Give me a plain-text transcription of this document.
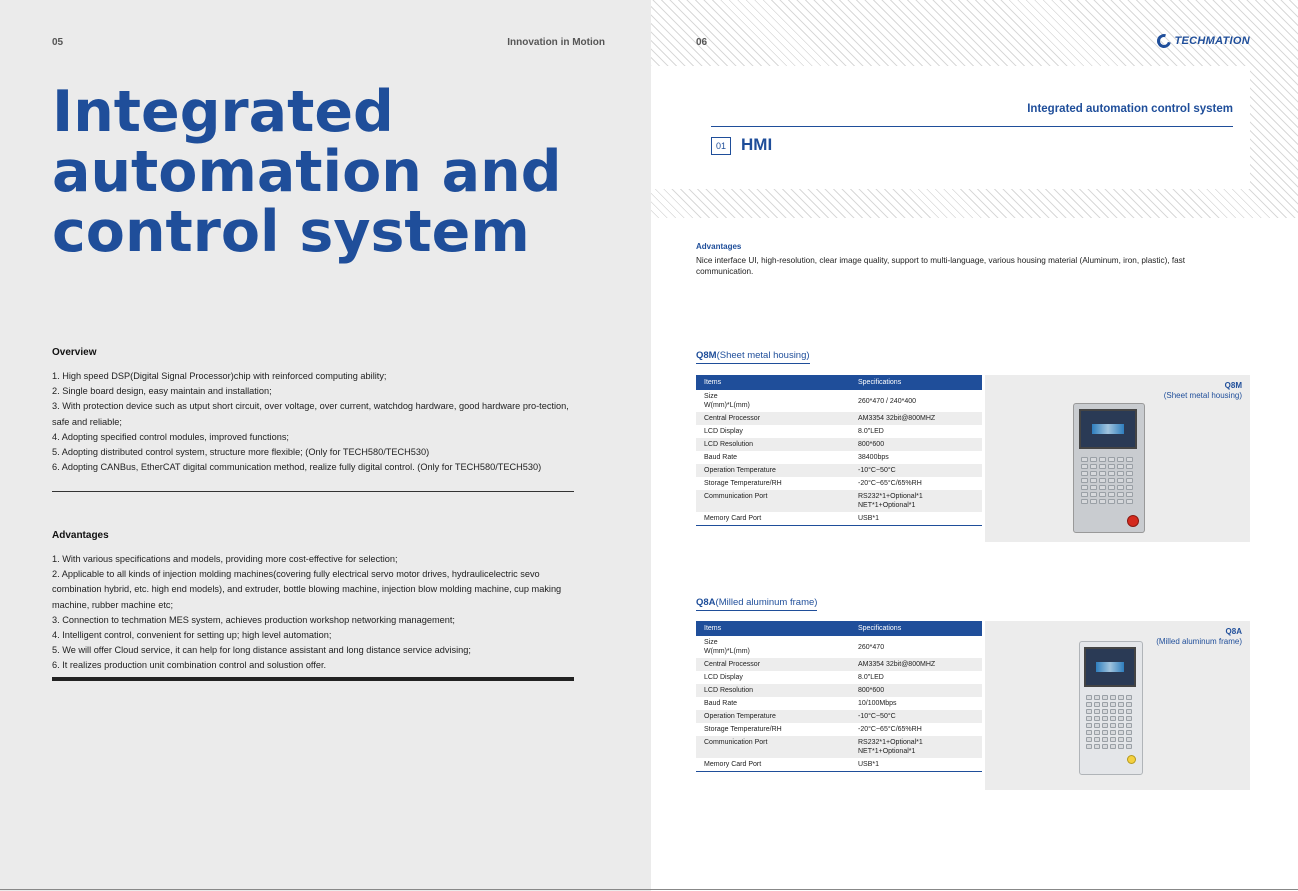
05	Innovation in Motion
Integrated
automation and
control system
Overview
1. High speed DSP(Digital Signal Processor)chip with reinforced computing ability;
2. Single board design, easy maintain and installation;
3. With protection device such as utput short circuit, over voltage, over current, watchdog hardware, good hardware pro-tection, safe and reliable;
4. Adopting specified control modules, improved functions;
5. Adopting distributed control system, structure more flexible; (Only for TECH580/TECH530)
6. Adopting CANBus, EtherCAT digital communication method, realize fully digital control. (Only for TECH580/TECH530)
Advantages
1. With various specifications and models, providing more cost-effective for selection;
2. Applicable to all kinds of injection molding machines(covering fully electrical servo motor drives, hydraulicelectric sevo combination hybrid, etc. high end models), and extruder, bottle blowing machine, injection blow molding machine, cup making machine, rubber machine etc;
3. Connection to techmation MES system, achieves production workshop networking management;
4. Intelligent control, convenient for setting up; high level automation;
5. We will offer Cloud service, it can help for long distance assistant and long distance service advising;
6. It realizes production unit combination control and solustion offer.
06	TECHMATION
Integrated automation control system
01 HMI
Advantages
Nice interface UI, high-resolution, clear image quality, support to multi-language, various housing material (Aluminum, iron, plastic), fast communication.
Q8M(Sheet metal housing)
Items	Specifications
Size
W(mm)*L(mm)	260*470 / 240*400
Central Processor	AM3354 32bit@800MHZ
LCD Display	8.0"LED
LCD Resolution	800*600
Baud Rate	38400bps
Operation Temperature	-10°C~50°C
Storage Temperature/RH	-20°C~65°C/65%RH
Communication Port	RS232*1+Optional*1
NET*1+Optional*1
Memory Card Port	USB*1
Q8M
(Sheet metal housing)
Q8A(Milled aluminum frame)
Items	Specifications
Size
W(mm)*L(mm)	260*470
Central Processor	AM3354 32bit@800MHZ
LCD Display	8.0"LED
LCD Resolution	800*600
Baud Rate	10/100Mbps
Operation Temperature	-10°C~50°C
Storage Temperature/RH	-20°C~65°C/65%RH
Communication Port	RS232*1+Optional*1
NET*1+Optional*1
Memory Card Port	USB*1
Q8A
(Milled aluminum frame)
